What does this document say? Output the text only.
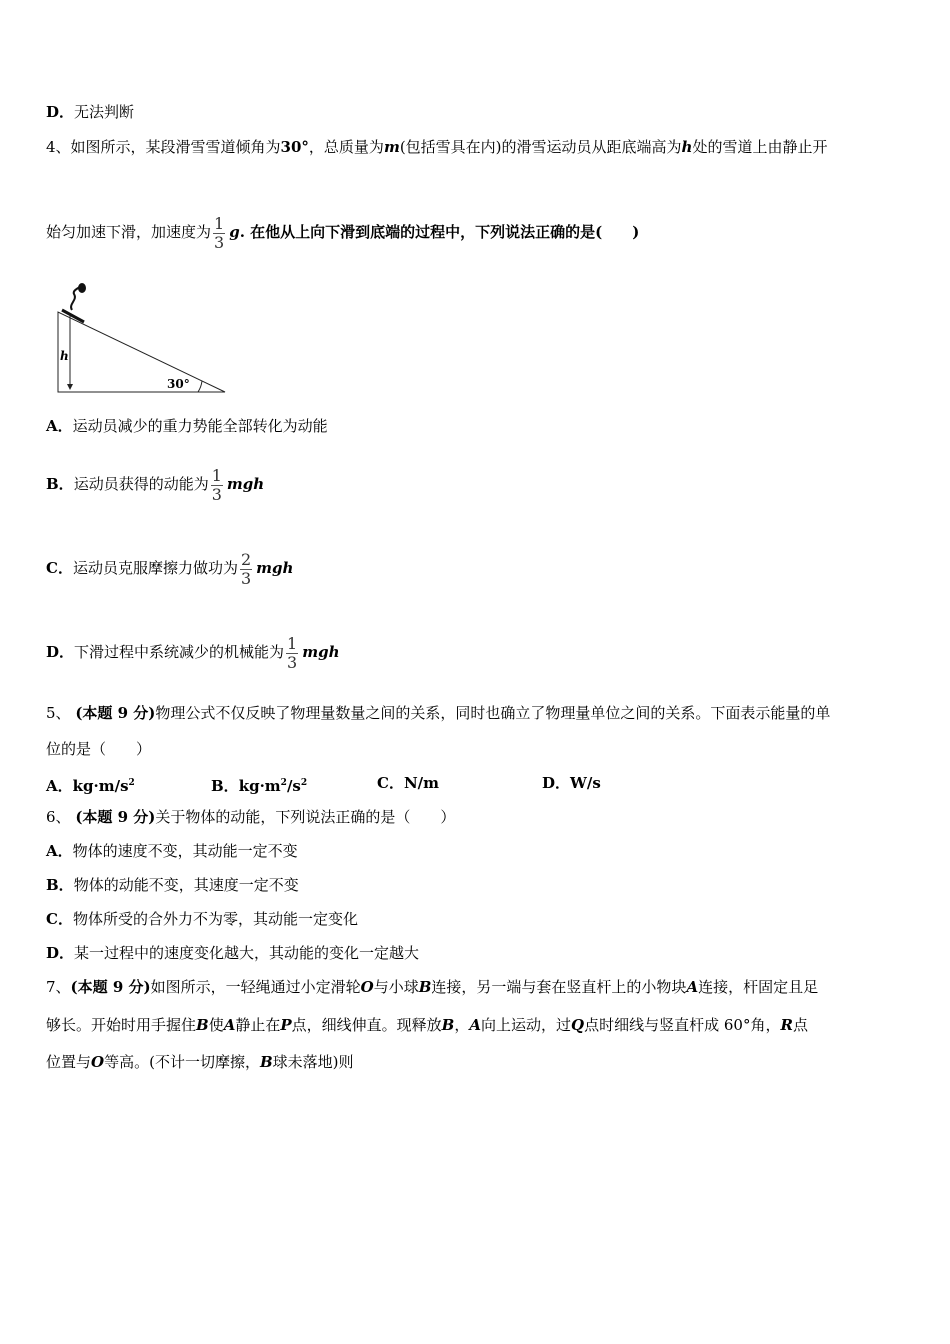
D．无法判断
4、如图所示，某段滑雪雪道倾角为30°，总质量为m(包括雪具在内)的滑雪运动员从距底端高为h处的雪道上由静止开
始匀加速下滑，加速度为 $\frac{1}{3} g$. 在他从上向下滑到底端的过程中，下列说法正确的是(　　)
h
30°
A．运动员减少的重力势能全部转化为动能
B．运动员获得的动能为 $\frac{1}{3}$ mgh
C．运动员克服摩擦力做功为 $\frac{2}{3}$ mgh
D．下滑过程中系统减少的机械能为 $\frac{1}{3}$ mgh
5、 (本题 9 分)物理公式不仅反映了物理量数量之间的关系，同时也确立了物理量单位之间的关系。下面表示能量的单
位的是（　　）
A．$kg\cdot m/s^2$	B．$kg\cdot m^2/s^2$	C．N/m	D．W/s
6、 (本题 9 分)关于物体的动能，下列说法正确的是（　　）
A．物体的速度不变，其动能一定不变
B．物体的动能不变，其速度一定不变
C．物体所受的合外力不为零，其动能一定变化
D．某一过程中的速度变化越大，其动能的变化一定越大
7、(本题 9 分)如图所示，一轻绳通过小定滑轮O与小球B连接，另一端与套在竖直杆上的小物块A连接，杆固定且足
够长。开始时用手握住B使A静止在P点，细线伸直。现释放B，A向上运动，过Q点时细线与竖直杆成 60°角，R点
位置与O等高。(不计一切摩擦，B球未落地)则
